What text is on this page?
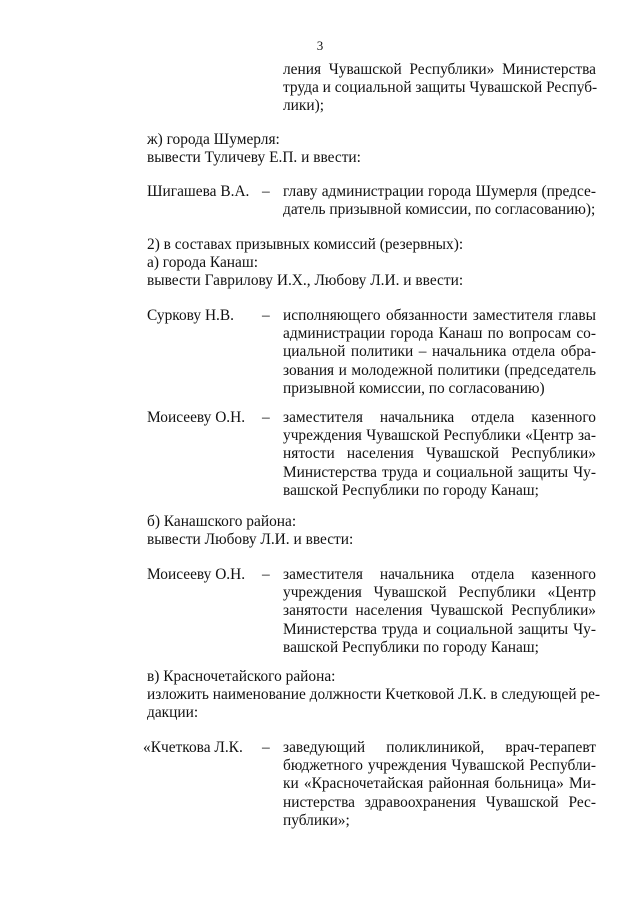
3
ления Чувашской Республики» Министерства
труда и социальной защиты Чувашской Респуб-
лики);
ж) города Шумерля:
вывести Туличеву Е.П. и ввести:
Шигашева В.А. – главу администрации города Шумерля (предсе-
датель призывной комиссии, по согласованию);
2) в составах призывных комиссий (резервных):
а) города Канаш:
вывести Гаврилову И.Х., Любову Л.И. и ввести:
Суркову Н.В. – исполняющего обязанности заместителя главы
администрации города Канаш по вопросам со-
циальной политики – начальника отдела обра-
зования и молодежной политики (председатель
призывной комиссии, по согласованию)
Моисееву О.Н. – заместителя начальника отдела казенного
учреждения Чувашской Республики «Центр за-
нятости населения Чувашской Республики»
Министерства труда и социальной защиты Чу-
вашской Республики по городу Канаш;
б) Канашского района:
вывести Любову Л.И. и ввести:
Моисееву О.Н. – заместителя начальника отдела казенного
учреждения Чувашской Республики «Центр
занятости населения Чувашской Республики»
Министерства труда и социальной защиты Чу-
вашской Республики по городу Канаш;
в) Красночетайского района:
изложить наименование должности Кчетковой Л.К. в следующей ре-
дакции:
«Кчеткова Л.К. – заведующий поликлиникой, врач-терапевт
бюджетного учреждения Чувашской Республи-
ки «Красночетайская районная больница» Ми-
нистерства здравоохранения Чувашской Рес-
публики»;
